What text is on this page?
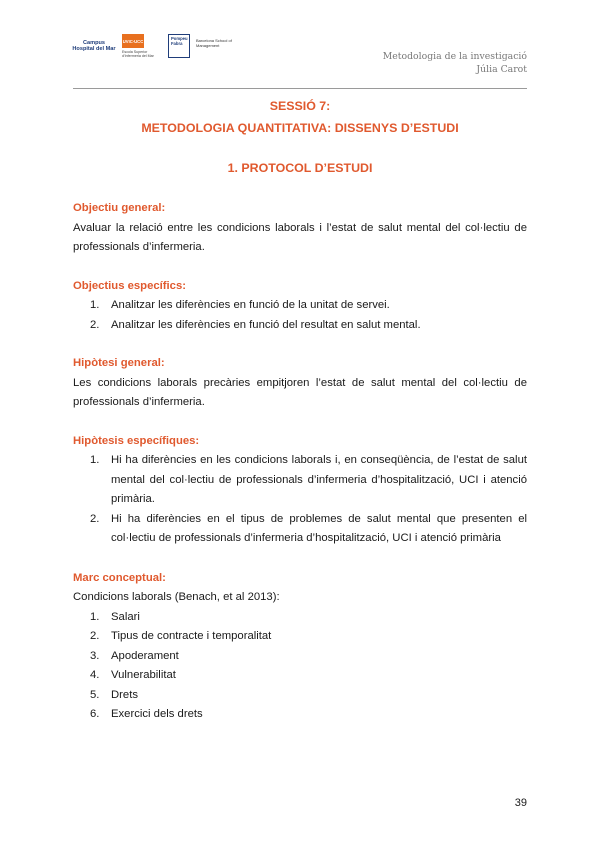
Campus Hospital del Mar
UVIC-UCC
Escola Superior d'Infermeria del Mar
Pompeu Fabra
Barcelona School of Management
Metodologia de la investigació
Júlia Carot
SESSIÓ 7:
METODOLOGIA QUANTITATIVA: DISSENYS D’ESTUDI
1. PROTOCOL D’ESTUDI
Objectiu general:

Avaluar la relació entre les condicions laborals i l’estat de salut mental del col·lectiu de professionals d’infermeria.

Objectius específics:
1. Analitzar les diferències en funció de la unitat de servei.
2. Analitzar les diferències en funció del resultat en salut mental.
Hipòtesi general:

Les condicions laborals precàries empitjoren l’estat de salut mental del col·lectiu de professionals d’infermeria.

Hipòtesis específiques:
1. Hi ha diferències en les condicions laborals i, en conseqüència, de l’estat de salut mental del col·lectiu de professionals d’infermeria d’hospitalització, UCI i atenció primària.
2. Hi ha diferències en el tipus de problemes de salut mental que presenten el col·lectiu de professionals d’infermeria d’hospitalització, UCI i atenció primària
Marc conceptual:

Condicions laborals (Benach, et al 2013):

1. Salari
2. Tipus de contracte i temporalitat
3. Apoderament
4. Vulnerabilitat
5. Drets
6. Exercici dels drets
39
